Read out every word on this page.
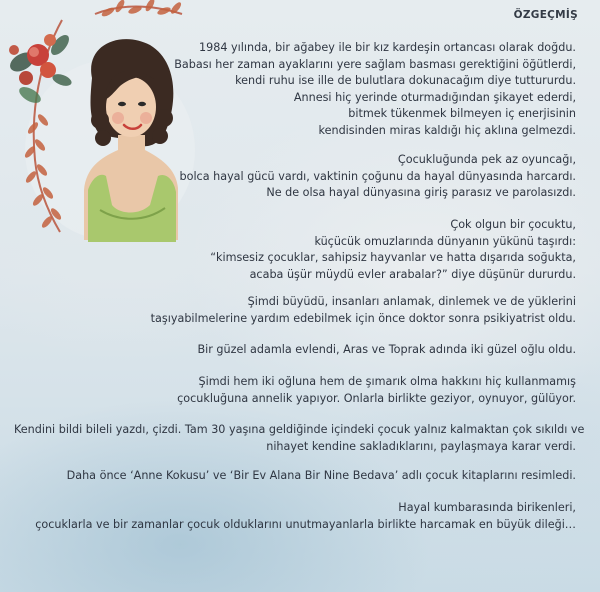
ÖZGEÇMİŞ
1984 yılında, bir ağabey ile bir kız kardeşin ortancası olarak doğdu.
Babası her zaman ayaklarını yere sağlam basması gerektiğini öğütlerdi,
kendi ruhu ise ille de bulutlara dokunacağım diye tuttururdu.
Annesi hiç yerinde oturmadığından şikayet ederdi,
bitmek tükenmek bilmeyen iç enerjisinin
kendisinden miras kaldığı hiç aklına gelmezdi.
Çocukluğunda pek az oyuncağı,
bolca hayal gücü vardı, vaktinin çoğunu da hayal dünyasında harcardı.
Ne de olsa hayal dünyasına giriş parasız ve parolasızdı.
Çok olgun bir çocuktu,
küçücük omuzlarında dünyanın yükünü taşırdı:
“kimsesiz çocuklar, sahipsiz hayvanlar ve hatta dışarıda soğukta,
acaba üşür müydü evler arabalar?” diye düşünür dururdu.
Şimdi büyüdü, insanları anlamak, dinlemek ve de yüklerini
taşıyabilmelerine yardım edebilmek için önce doktor sonra psikiyatrist oldu.
Bir güzel adamla evlendi, Aras ve Toprak adında iki güzel oğlu oldu.
Şimdi hem iki oğluna hem de şımarık olma hakkını hiç kullanmamış
çocukluğuna annelik yapıyor. Onlarla birlikte geziyor, oynuyor, gülüyor.
Kendini bildi bileli yazdı, çizdi. Tam 30 yaşına geldiğinde içindeki çocuk yalnız kalmaktan çok sıkıldı ve
nihayet kendine sakladıklarını, paylaşmaya karar verdi.
Daha önce ‘Anne Kokusu’ ve ‘Bir Ev Alana Bir Nine Bedava’ adlı çocuk kitaplarını resimledi.
Hayal kumbarasında birikenleri,
çocuklarla ve bir zamanlar çocuk olduklarını unutmayanlarla birlikte harcamak en büyük dileği…
